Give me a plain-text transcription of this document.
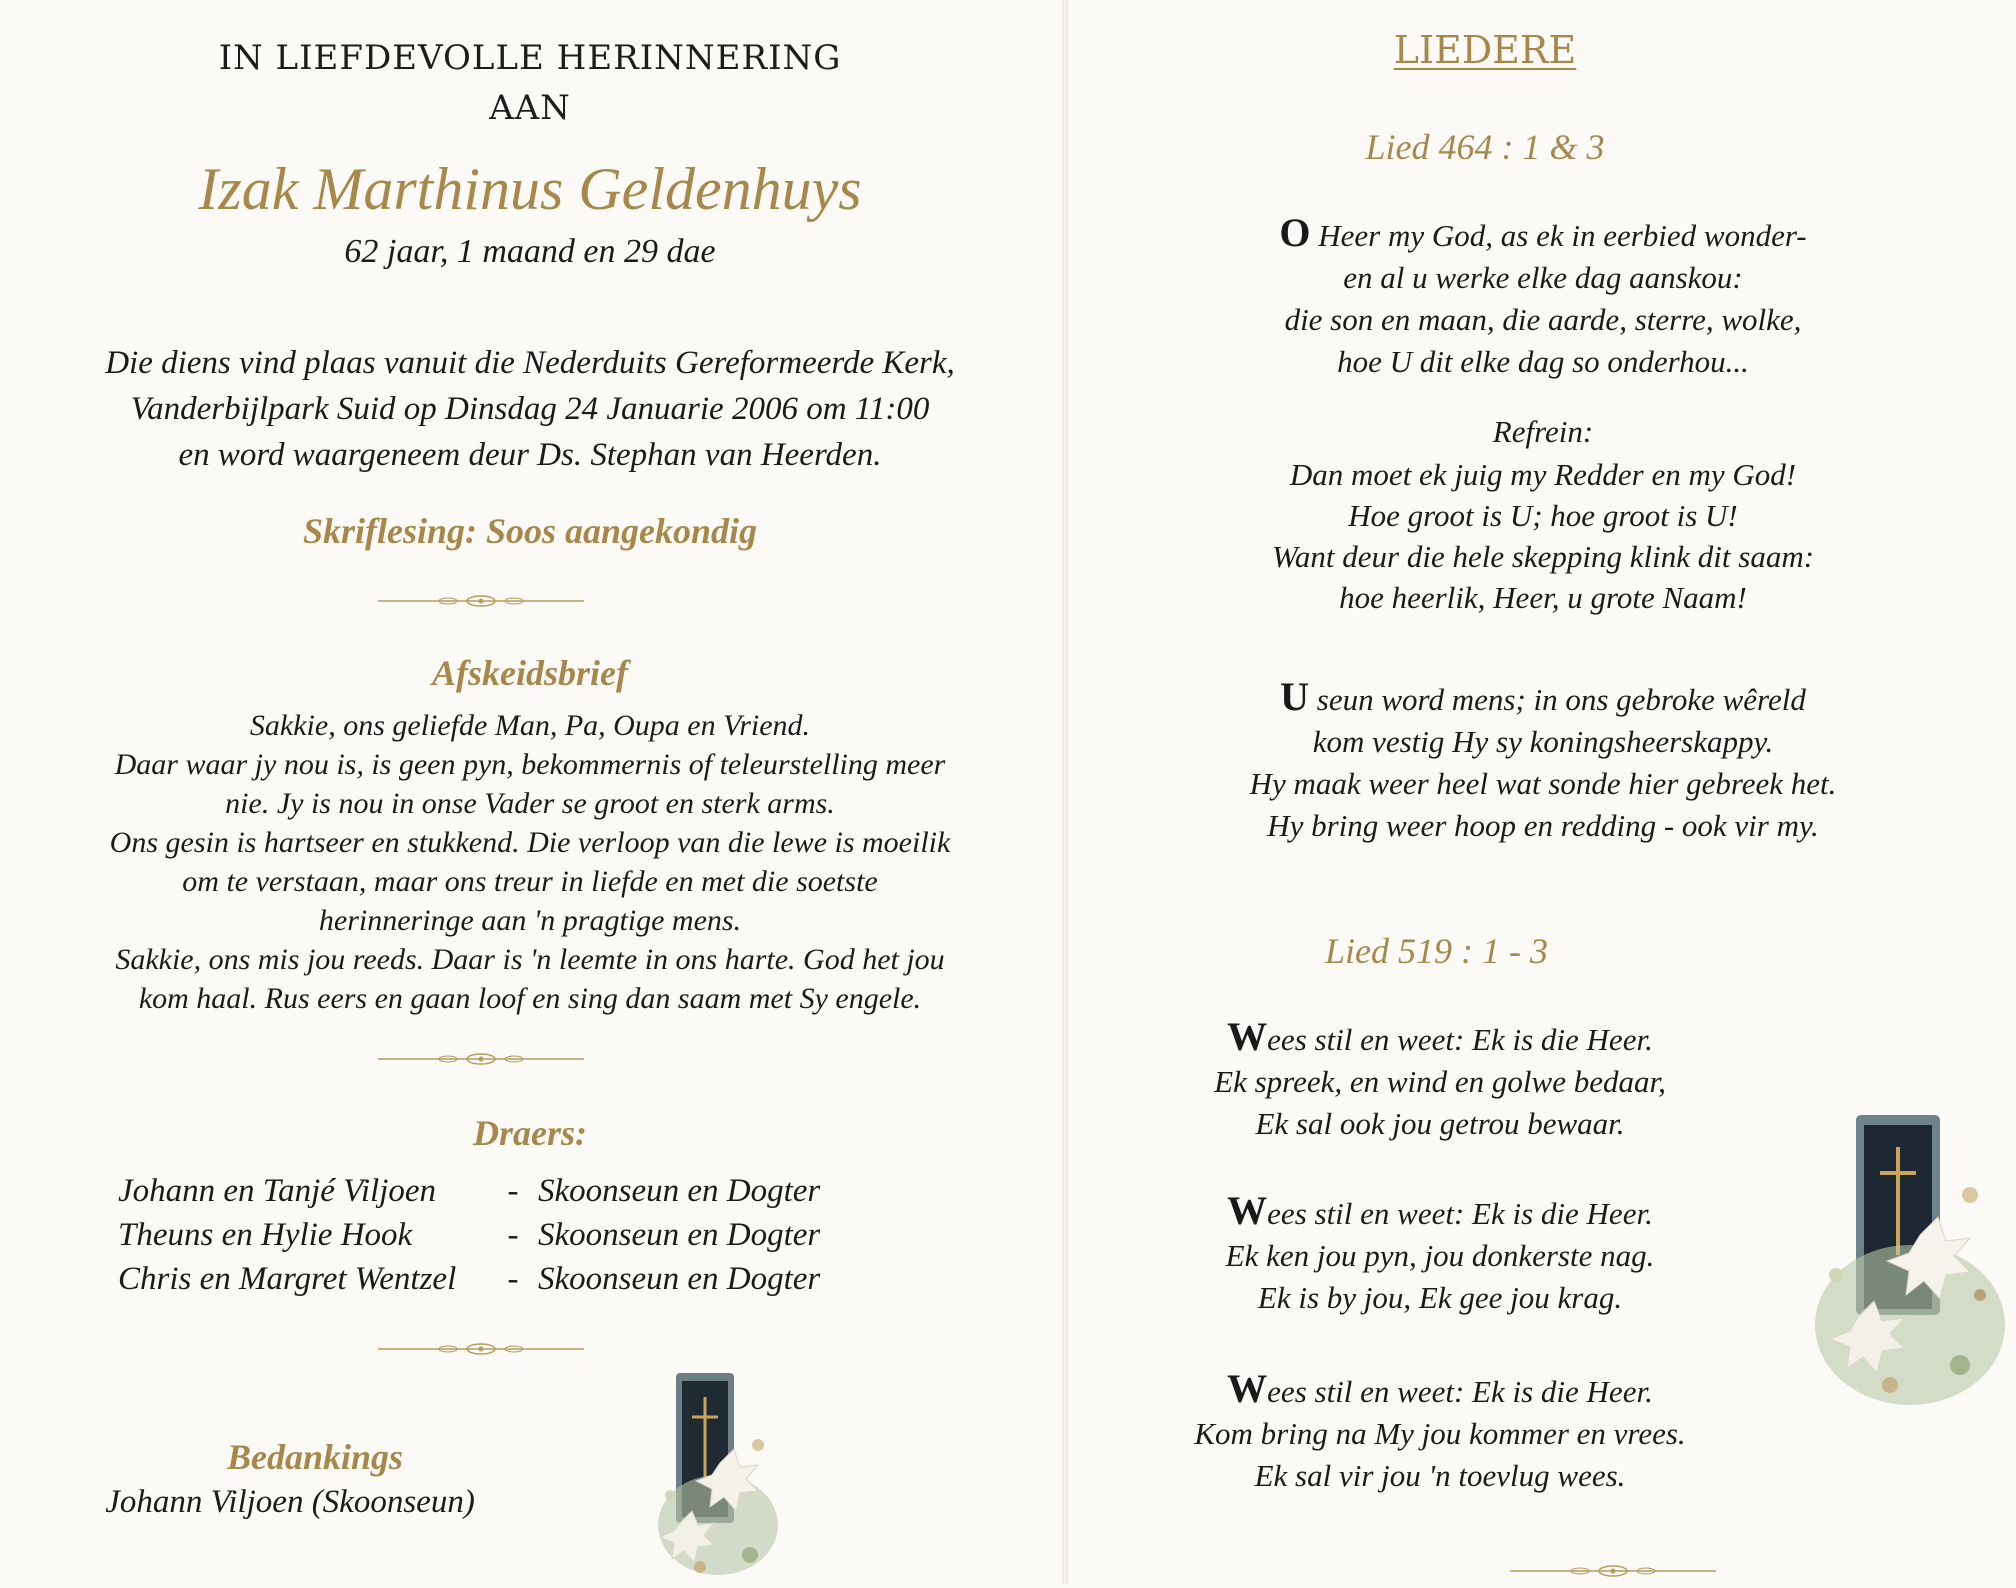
IN LIEFDEVOLLE HERINNERING
AAN
Izak Marthinus Geldenhuys
62 jaar, 1 maand en 29 dae
Die diens vind plaas vanuit die Nederduits Gereformeerde Kerk,
Vanderbijlpark Suid op Dinsdag 24 Januarie 2006 om 11:00
en word waargeneem deur Ds. Stephan van Heerden.
Skriflesing: Soos aangekondig
Afskeidsbrief
Sakkie, ons geliefde Man, Pa, Oupa en Vriend.
Daar waar jy nou is, is geen pyn, bekommernis of teleurstelling meer
nie. Jy is nou in onse Vader se groot en sterk arms.
Ons gesin is hartseer en stukkend. Die verloop van die lewe is moeilik
om te verstaan, maar ons treur in liefde en met die soetste
herinneringe aan 'n pragtige mens.
Sakkie, ons mis jou reeds. Daar is 'n leemte in ons harte. God het jou
kom haal. Rus eers en gaan loof en sing dan saam met Sy engele.
Draers:
Johann en Tanjé Viljoen	- Skoonseun en Dogter
Theuns en Hylie Hook	- Skoonseun en Dogter
Chris en Margret Wentzel	- Skoonseun en Dogter
Bedankings
Johann Viljoen (Skoonseun)
LIEDERE
Lied 464 : 1 & 3
O Heer my God, as ek in eerbied wonder-
en al u werke elke dag aanskou:
die son en maan, die aarde, sterre, wolke,
hoe U dit elke dag so onderhou...
Refrein:
Dan moet ek juig my Redder en my God!
Hoe groot is U; hoe groot is U!
Want deur die hele skepping klink dit saam:
hoe heerlik, Heer, u grote Naam!
U seun word mens; in ons gebroke wêreld
kom vestig Hy sy koningsheerskappy.
Hy maak weer heel wat sonde hier gebreek het.
Hy bring weer hoop en redding - ook vir my.
Lied 519 : 1 - 3
Wees stil en weet: Ek is die Heer.
Ek spreek, en wind en golwe bedaar,
Ek sal ook jou getrou bewaar.
Wees stil en weet: Ek is die Heer.
Ek ken jou pyn, jou donkerste nag.
Ek is by jou, Ek gee jou krag.
Wees stil en weet: Ek is die Heer.
Kom bring na My jou kommer en vrees.
Ek sal vir jou 'n toevlug wees.
